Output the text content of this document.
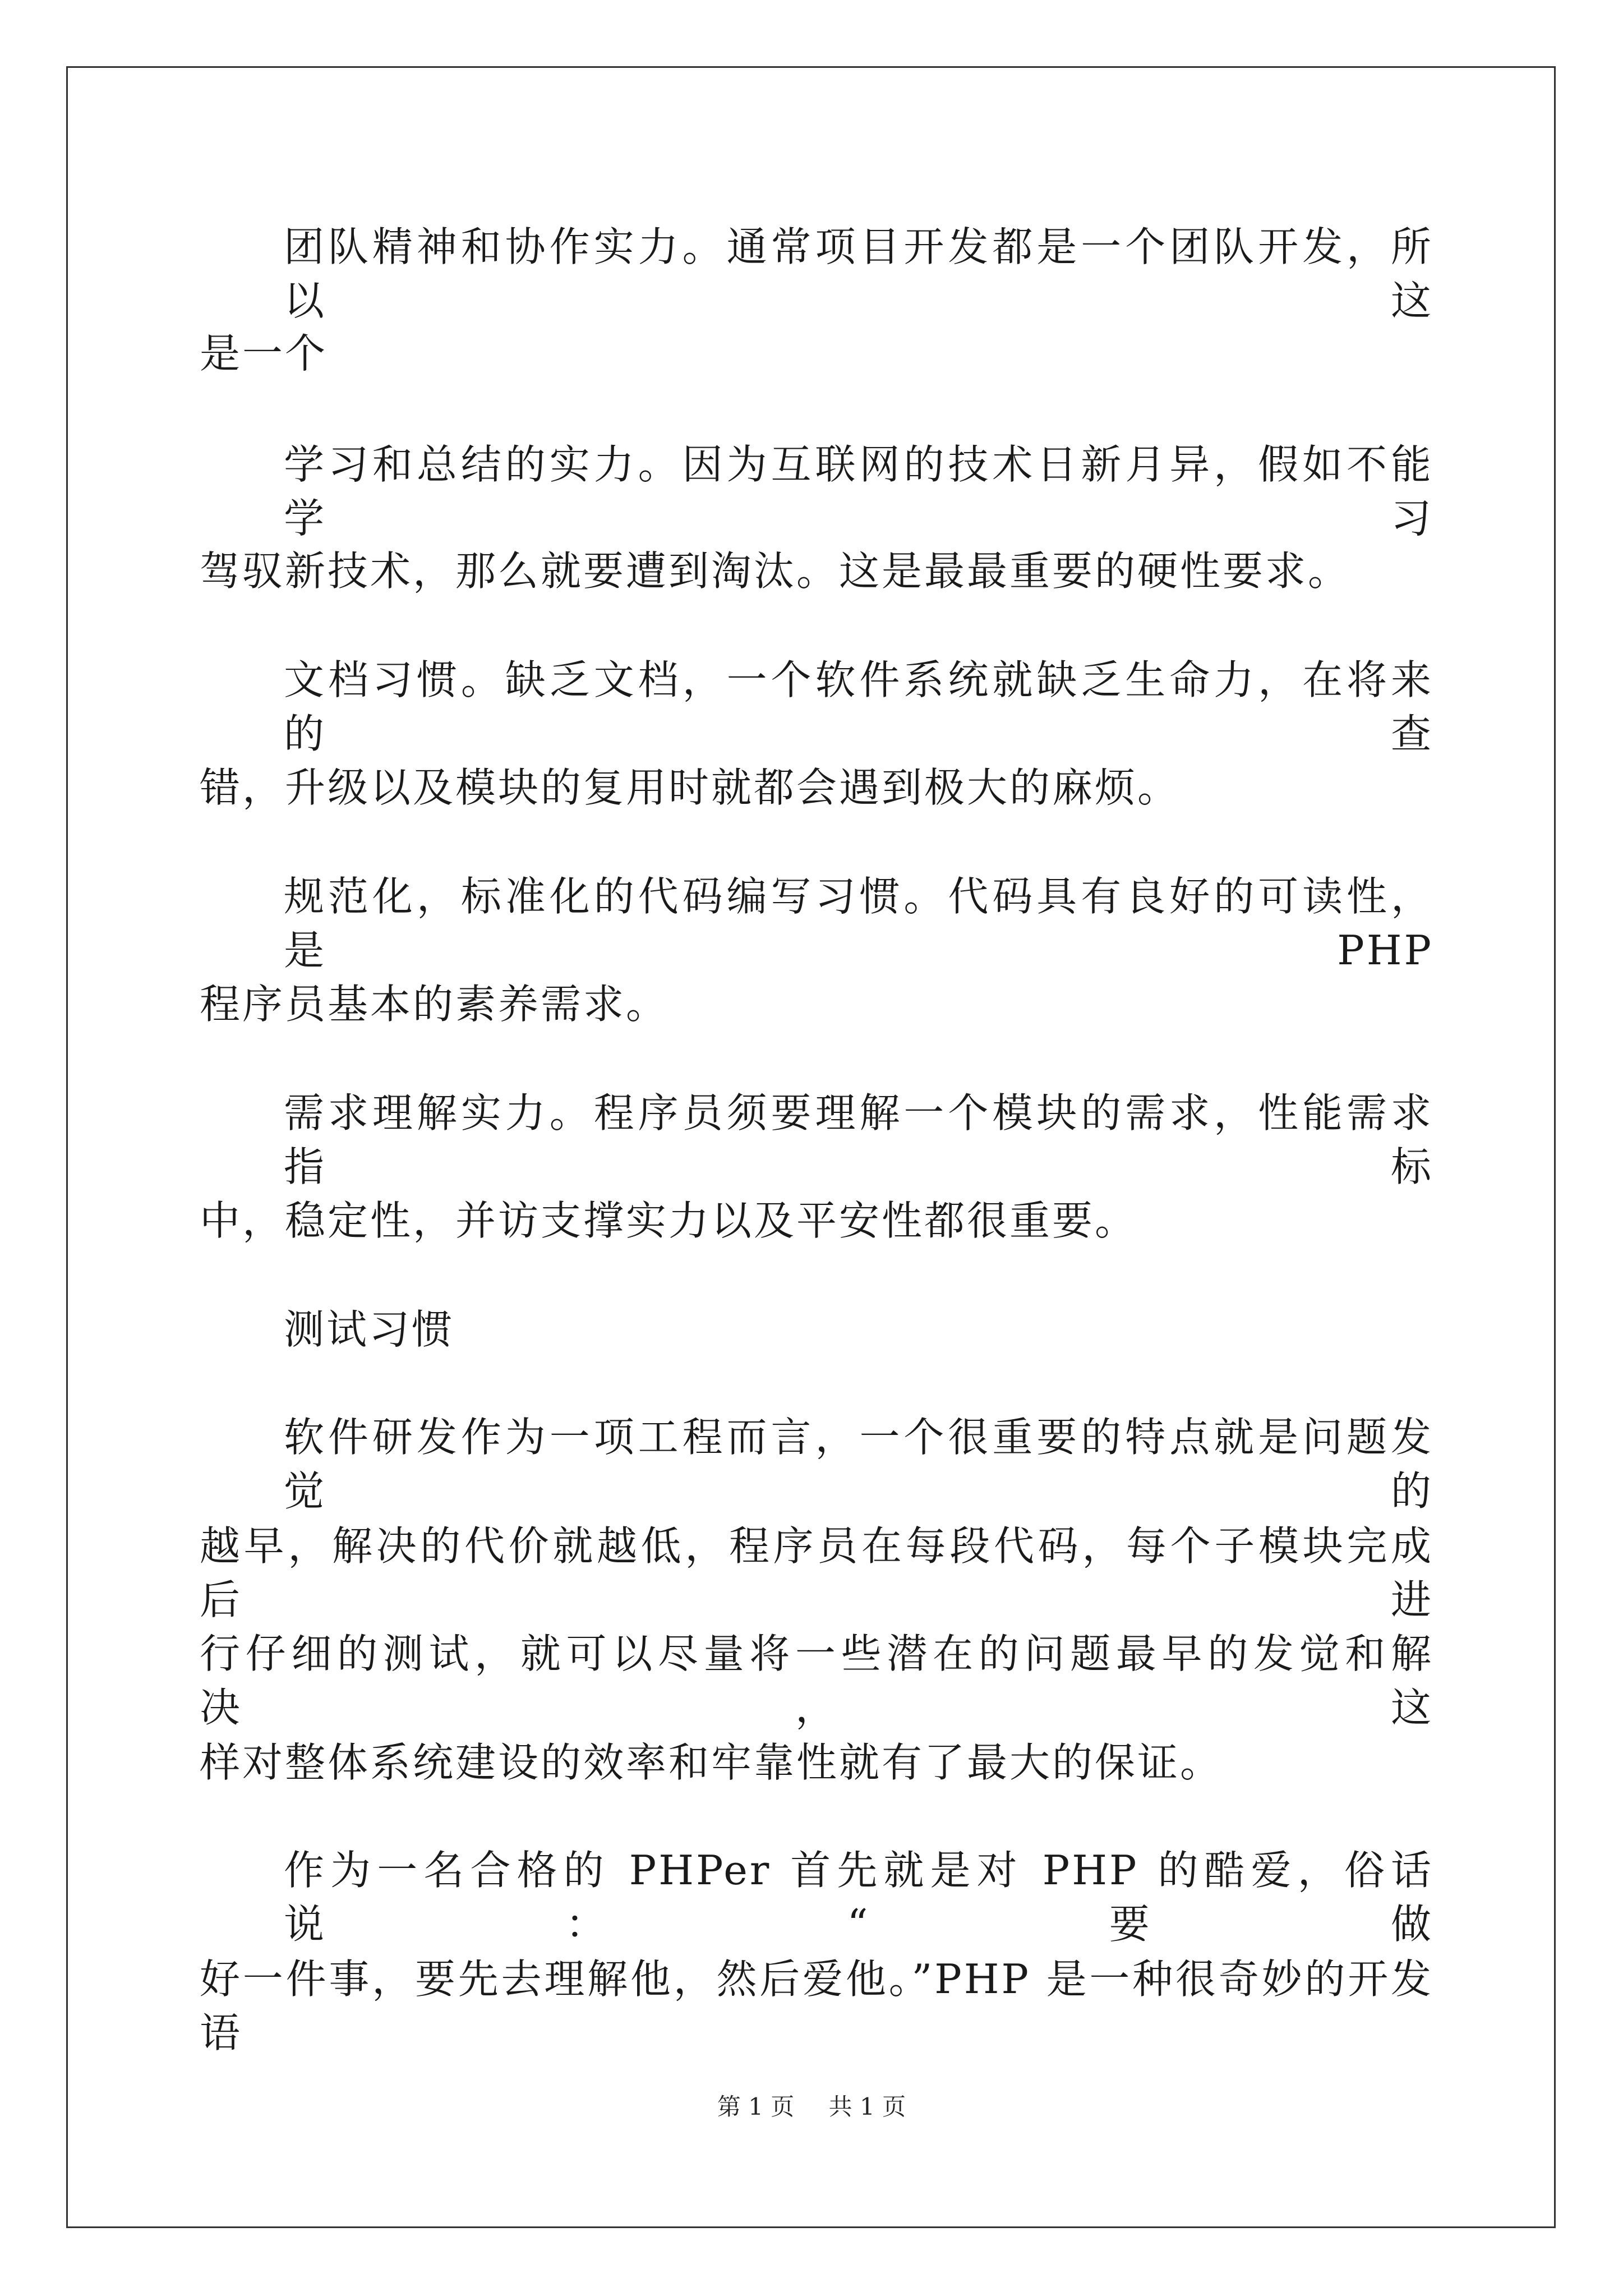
团队精神和协作实力。通常项目开发都是一个团队开发，所以这
是一个
学习和总结的实力。因为互联网的技术日新月异，假如不能学习
驾驭新技术，那么就要遭到淘汰。这是最最重要的硬性要求。
文档习惯。缺乏文档，一个软件系统就缺乏生命力，在将来的查
错，升级以及模块的复用时就都会遇到极大的麻烦。
规范化，标准化的代码编写习惯。代码具有良好的可读性，是 PHP
程序员基本的素养需求。
需求理解实力。程序员须要理解一个模块的需求，性能需求指标
中，稳定性，并访支撑实力以及平安性都很重要。
测试习惯
软件研发作为一项工程而言，一个很重要的特点就是问题发觉的
越早，解决的代价就越低，程序员在每段代码，每个子模块完成后进
行仔细的测试，就可以尽量将一些潜在的问题最早的发觉和解决，这
样对整体系统建设的效率和牢靠性就有了最大的保证。
作为一名合格的 PHPer 首先就是对 PHP 的酷爱，俗话说：“要做
好一件事，要先去理解他，然后爱他。”PHP 是一种很奇妙的开发语
第 1 页 共 1 页
